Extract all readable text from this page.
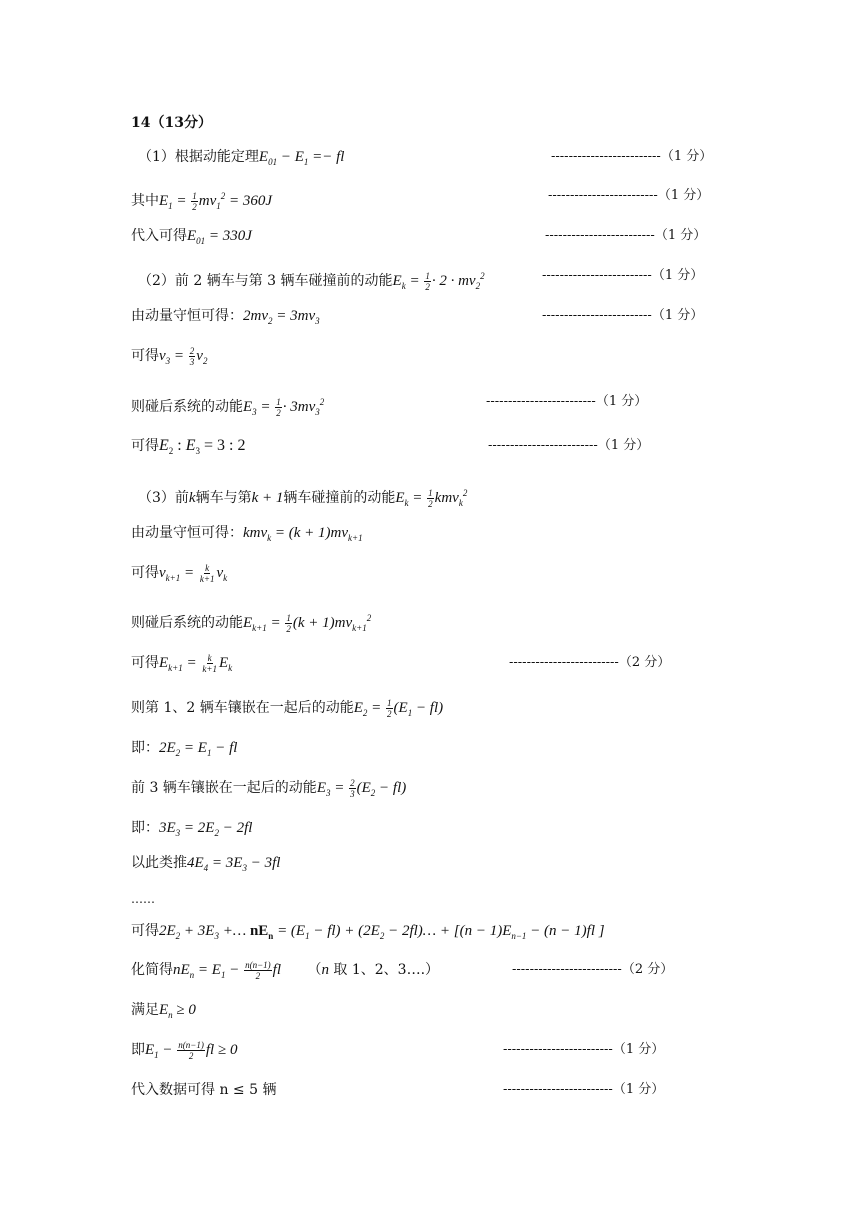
14（13分）
（1）根据动能定理$E_{01} - E_1$ =− fl	-------------------------（1 分）
其中$E_1 = \frac{1}{2} mv_1^2 = 360J$	-------------------------（1 分）
代入可得$E_{01} = 330J$	-------------------------（1 分）
（2）前 2 辆车与第 3 辆车碰撞前的动能$E_k = \frac{1}{2} \cdot 2 \cdot mv_2^2$	-------------------------（1 分）
由动量守恒可得：$2mv_2 = 3mv_3$	-------------------------（1 分）
可得$v_3 = \frac{2}{3} v_2$
则碰后系统的动能$E_3 = \frac{1}{2} \cdot 3mv_3^2$	-------------------------（1 分）
可得$E_2$ : $E_3 = 3$ : 2	-------------------------（1 分）
（3）前k辆车与第k + 1辆车碰撞前的动能$E_k = \frac{1}{2} kmv_k^2$
由动量守恒可得：$kmv_k = (k + 1)mv_{k+1}$
可得$v_{k+1} = \frac{k}{k+1} v_k$
则碰后系统的动能$E_{k+1} = \frac{1}{2} (k + 1)mv_{k+1}^2$
可得$E_{k+1} = \frac{k}{k+1} E_k$	-------------------------（2 分）
则第 1、2 辆车镶嵌在一起后的动能$E_2 = \frac{1}{2} (E_1 - fl)$
即：$2E_2 = E_1$ − fl
前 3 辆车镶嵌在一起后的动能$E_3 = \frac{2}{3} (E_2 - fl)$
即：$3E_3 = 2E_2 - 2fl$
以此类推$4E_4 = 3E_3 - 3fl$
……
可得$2E_2 + 3E_3$ +… $nE_n = (E_1 - fl) + (2E_2$ − 2fl)… + [$(n - 1)E_{n-1} - (n - 1)fl$ ]
化简得$nE_n = E_1 - \frac{n(n-1)}{2}$ fl （n 取 1、2、3….）	-------------------------（2 分）
满足$E_n \ge 0$
即$E_1 - \frac{n(n-1)}{2}$ fl ≥ 0	-------------------------（1 分）
代入数据可得 n ≤ 5 辆	-------------------------（1 分）
